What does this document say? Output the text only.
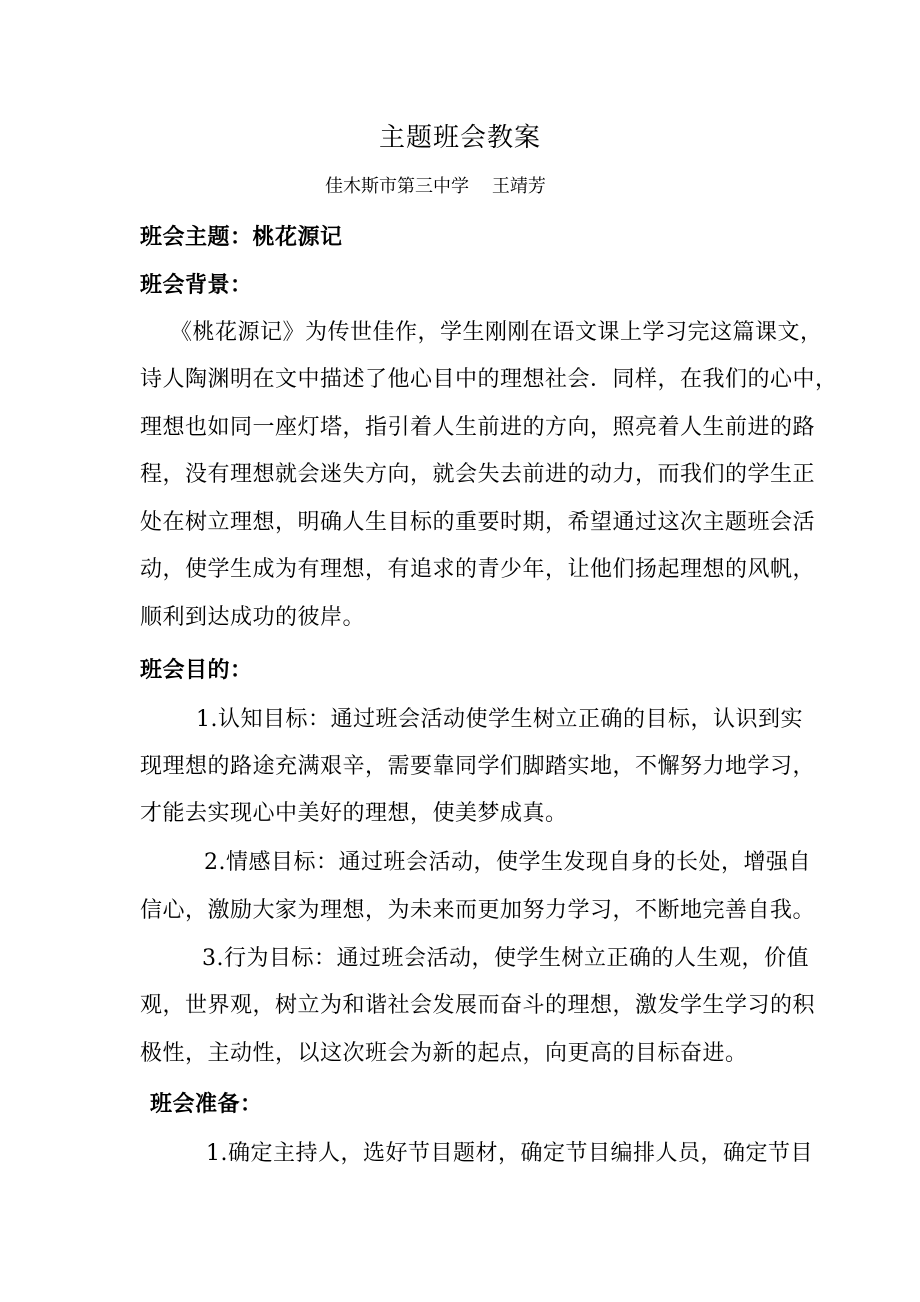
主题班会教案
佳木斯市第三中学    王靖芳
班会主题：桃花源记
班会背景：
《桃花源记》为传世佳作，学生刚刚在语文课上学习完这篇课文，
诗人陶渊明在文中描述了他心目中的理想社会．同样，在我们的心中，
理想也如同一座灯塔，指引着人生前进的方向，照亮着人生前进的路
程，没有理想就会迷失方向，就会失去前进的动力，而我们的学生正
处在树立理想，明确人生目标的重要时期，希望通过这次主题班会活
动，使学生成为有理想，有追求的青少年，让他们扬起理想的风帆，
顺利到达成功的彼岸。
班会目的：
1.认知目标：通过班会活动使学生树立正确的目标，认识到实
现理想的路途充满艰辛，需要靠同学们脚踏实地，不懈努力地学习，
才能去实现心中美好的理想，使美梦成真。
2.情感目标：通过班会活动，使学生发现自身的长处，增强自
信心，激励大家为理想，为未来而更加努力学习，不断地完善自我。
3.行为目标：通过班会活动，使学生树立正确的人生观，价值
观，世界观，树立为和谐社会发展而奋斗的理想，激发学生学习的积
极性，主动性，以这次班会为新的起点，向更高的目标奋进。
班会准备：
1.确定主持人，选好节目题材，确定节目编排人员，确定节目
